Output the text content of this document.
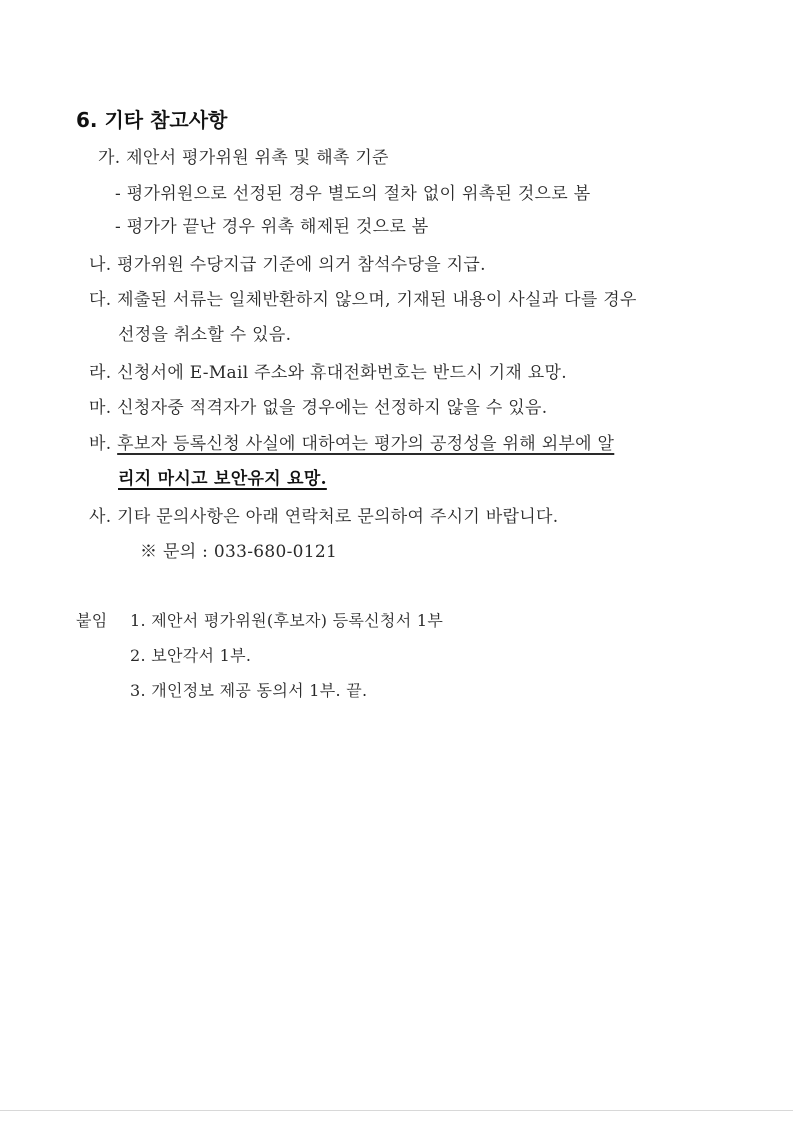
6. 기타 참고사항
가. 제안서 평가위원 위촉 및 해촉 기준
- 평가위원으로 선정된 경우 별도의 절차 없이 위촉된 것으로 봄
- 평가가 끝난 경우 위촉 해제된 것으로 봄
나. 평가위원 수당지급 기준에 의거 참석수당을 지급.
다. 제출된 서류는 일체반환하지 않으며, 기재된 내용이 사실과 다를 경우
선정을 취소할 수 있음.
라. 신청서에 E-Mail 주소와 휴대전화번호는 반드시 기재 요망.
마. 신청자중 적격자가 없을 경우에는 선정하지 않을 수 있음.
바. 후보자 등록신청 사실에 대하여는 평가의 공정성을 위해 외부에 알
리지 마시고 보안유지 요망.
사. 기타 문의사항은 아래 연락처로 문의하여 주시기 바랍니다.
※ 문의 : 033-680-0121
붙임 1. 제안서 평가위원(후보자) 등록신청서 1부
2. 보안각서 1부.
3. 개인정보 제공 동의서 1부. 끝.
